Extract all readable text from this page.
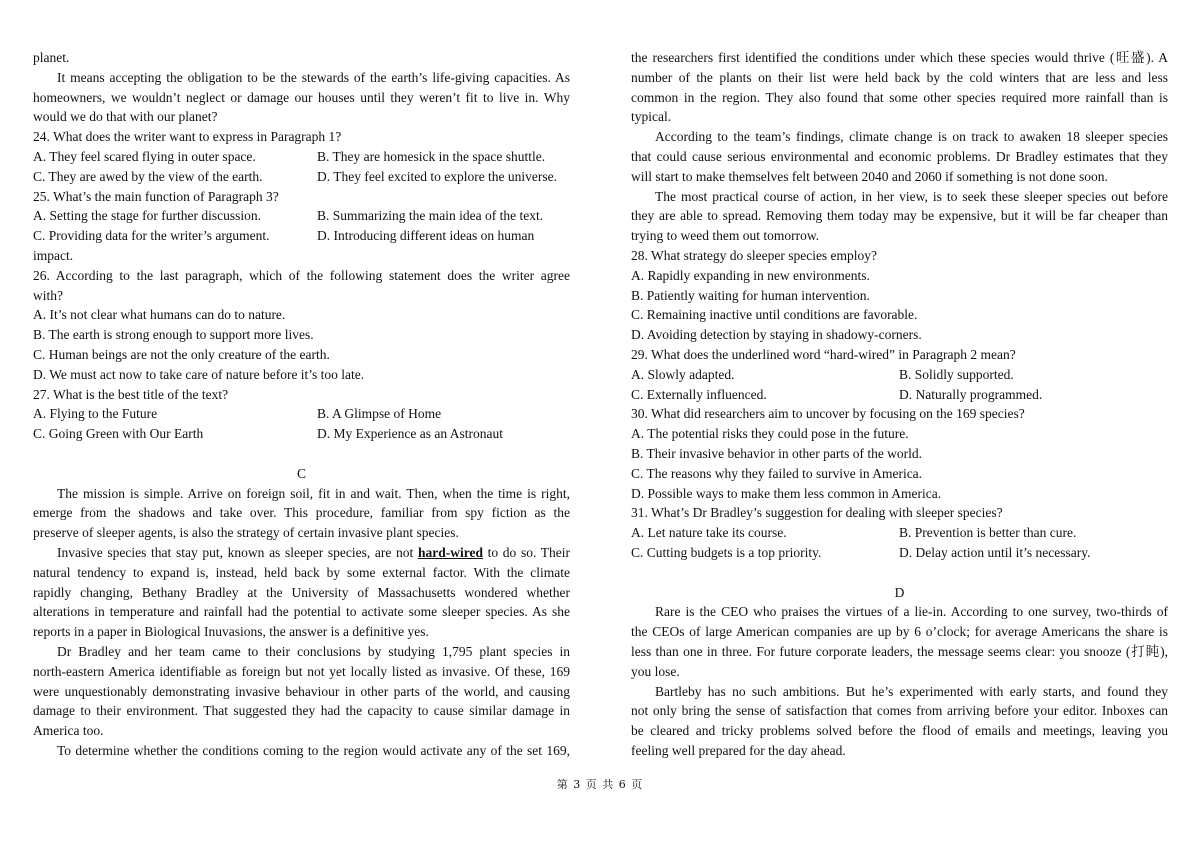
planet.
It means accepting the obligation to be the stewards of the earth’s life-giving capacities. As
homeowners, we wouldn’t neglect or damage our houses until they weren’t fit to live in. Why
would we do that with our planet?
24. What does the writer want to express in Paragraph 1?
A. They feel scared flying in outer space.	B. They are homesick in the space shuttle.
C. They are awed by the view of the earth.	D. They feel excited to explore the universe.
25. What’s the main function of Paragraph 3?
A. Setting the stage for further discussion.	B. Summarizing the main idea of the text.
C. Providing data for the writer’s argument.	D. Introducing different ideas on human
impact.
26. According to the last paragraph, which of the following statement does the writer agree
with?
A. It’s not clear what humans can do to nature.
B. The earth is strong enough to support more lives.
C. Human beings are not the only creature of the earth.
D. We must act now to take care of nature before it’s too late.
27. What is the best title of the text?
A. Flying to the Future	B. A Glimpse of Home
C. Going Green with Our Earth	D. My Experience as an Astronaut
C
The mission is simple. Arrive on foreign soil, fit in and wait. Then, when the time is right,
emerge from the shadows and take over. This procedure, familiar from spy fiction as the
preserve of sleeper agents, is also the strategy of certain invasive plant species.
Invasive species that stay put, known as sleeper species, are not hard-wired to do so. Their
natural tendency to expand is, instead, held back by some external factor. With the climate
rapidly changing, Bethany Bradley at the University of Massachusetts wondered whether
alterations in temperature and rainfall had the potential to activate some sleeper species. As she
reports in a paper in Biological Inuvasions, the answer is a definitive yes.
Dr Bradley and her team came to their conclusions by studying 1,795 plant species in
north-eastern America identifiable as foreign but not yet locally listed as invasive. Of these, 169
were unquestionably demonstrating invasive behaviour in other parts of the world, and causing
damage to their environment. That suggested they had the capacity to cause similar damage in
America too.
To determine whether the conditions coming to the region would activate any of the set 169,
the researchers first identified the conditions under which these species would thrive (旺盛). A
number of the plants on their list were held back by the cold winters that are less and less
common in the region. They also found that some other species required more rainfall than is
typical.
According to the team’s findings, climate change is on track to awaken 18 sleeper species
that could cause serious environmental and economic problems. Dr Bradley estimates that they
will start to make themselves felt between 2040 and 2060 if something is not done soon.
The most practical course of action, in her view, is to seek these sleeper species out before
they are able to spread. Removing them today may be expensive, but it will be far cheaper than
trying to weed them out tomorrow.
28. What strategy do sleeper species employ?
A. Rapidly expanding in new environments.
B. Patiently waiting for human intervention.
C. Remaining inactive until conditions are favorable.
D. Avoiding detection by staying in shadowy-corners.
29. What does the underlined word “hard-wired” in Paragraph 2 mean?
A. Slowly adapted.	B. Solidly supported.
C. Externally influenced.	D. Naturally programmed.
30. What did researchers aim to uncover by focusing on the 169 species?
A. The potential risks they could pose in the future.
B. Their invasive behavior in other parts of the world.
C. The reasons why they failed to survive in America.
D. Possible ways to make them less common in America.
31. What’s Dr Bradley’s suggestion for dealing with sleeper species?
A. Let nature take its course.	B. Prevention is better than cure.
C. Cutting budgets is a top priority.	D. Delay action until it’s necessary.
D
Rare is the CEO who praises the virtues of a lie-in. According to one survey, two-thirds of
the CEOs of large American companies are up by 6 o’clock; for average Americans the share is
less than one in three. For future corporate leaders, the message seems clear: you snooze (打盹),
you lose.
Bartleby has no such ambitions. But he’s experimented with early starts, and found they
not only bring the sense of satisfaction that comes from arriving before your editor. Inboxes can
be cleared and tricky problems solved before the flood of emails and meetings, leaving you
feeling well prepared for the day ahead.
第 3 页 共 6 页
